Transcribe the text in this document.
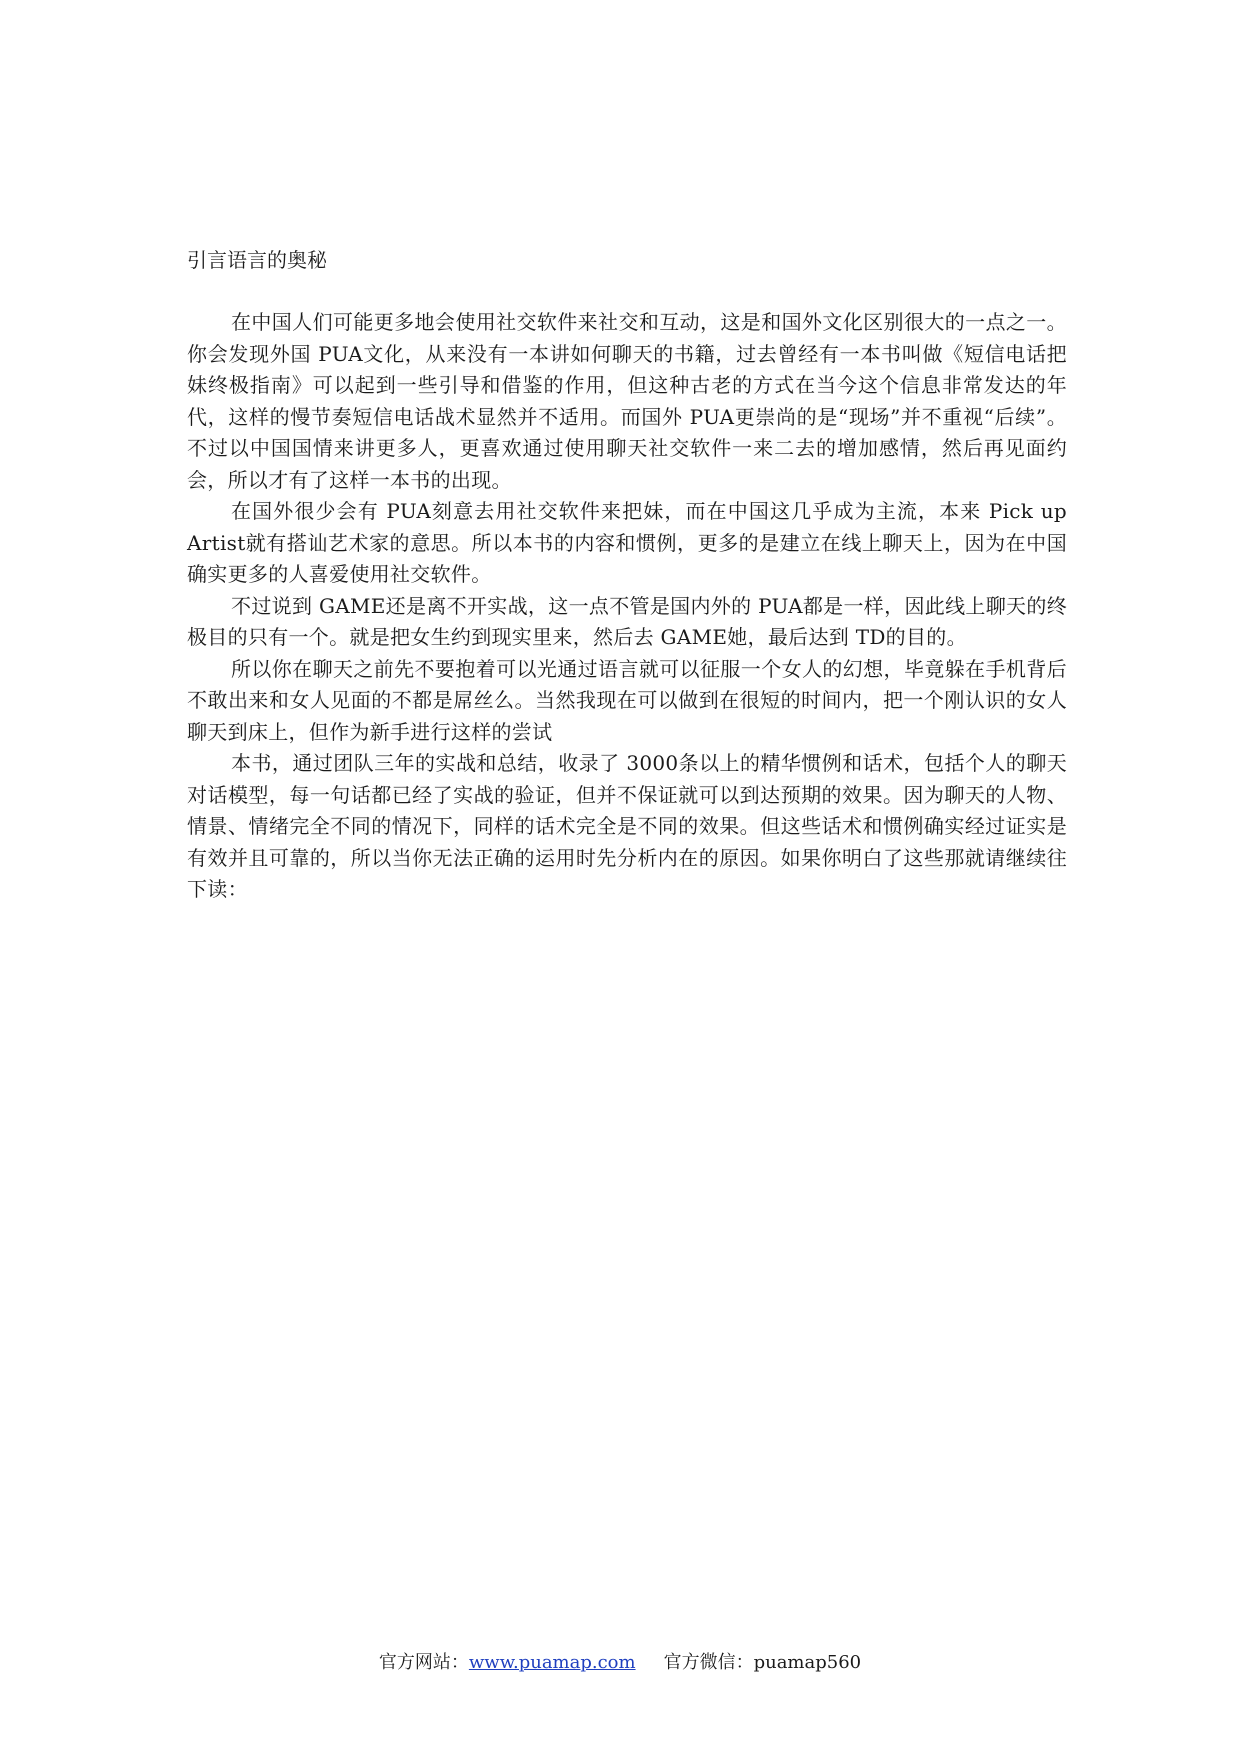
引言语言的奥秘

在中国人们可能更多地会使用社交软件来社交和互动，这是和国外文化区别很大的一点之一。你会发现外国 PUA文化，从来没有一本讲如何聊天的书籍，过去曾经有一本书叫做《短信电话把妹终极指南》可以起到一些引导和借鉴的作用，但这种古老的方式在当今这个信息非常发达的年代，这样的慢节奏短信电话战术显然并不适用。而国外 PUA更崇尚的是“现场”并不重视“后续”。不过以中国国情来讲更多人，更喜欢通过使用聊天社交软件一来二去的增加感情，然后再见面约会，所以才有了这样一本书的出现。

在国外很少会有 PUA刻意去用社交软件来把妹，而在中国这几乎成为主流，本来 Pick up Artist就有搭讪艺术家的意思。所以本书的内容和惯例，更多的是建立在线上聊天上，因为在中国确实更多的人喜爱使用社交软件。

不过说到 GAME还是离不开实战，这一点不管是国内外的 PUA都是一样，因此线上聊天的终极目的只有一个。就是把女生约到现实里来，然后去 GAME她，最后达到 TD的目的。

所以你在聊天之前先不要抱着可以光通过语言就可以征服一个女人的幻想，毕竟躲在手机背后不敢出来和女人见面的不都是屌丝么。当然我现在可以做到在很短的时间内，把一个刚认识的女人聊天到床上，但作为新手进行这样的尝试

本书，通过团队三年的实战和总结，收录了 3000条以上的精华惯例和话术，包括个人的聊天对话模型，每一句话都已经了实战的验证，但并不保证就可以到达预期的效果。因为聊天的人物、情景、情绪完全不同的情况下，同样的话术完全是不同的效果。但这些话术和惯例确实经过证实是有效并且可靠的，所以当你无法正确的运用时先分析内在的原因。如果你明白了这些那就请继续往下读：

官方网站：www.puamap.com 官方微信：puamap560
